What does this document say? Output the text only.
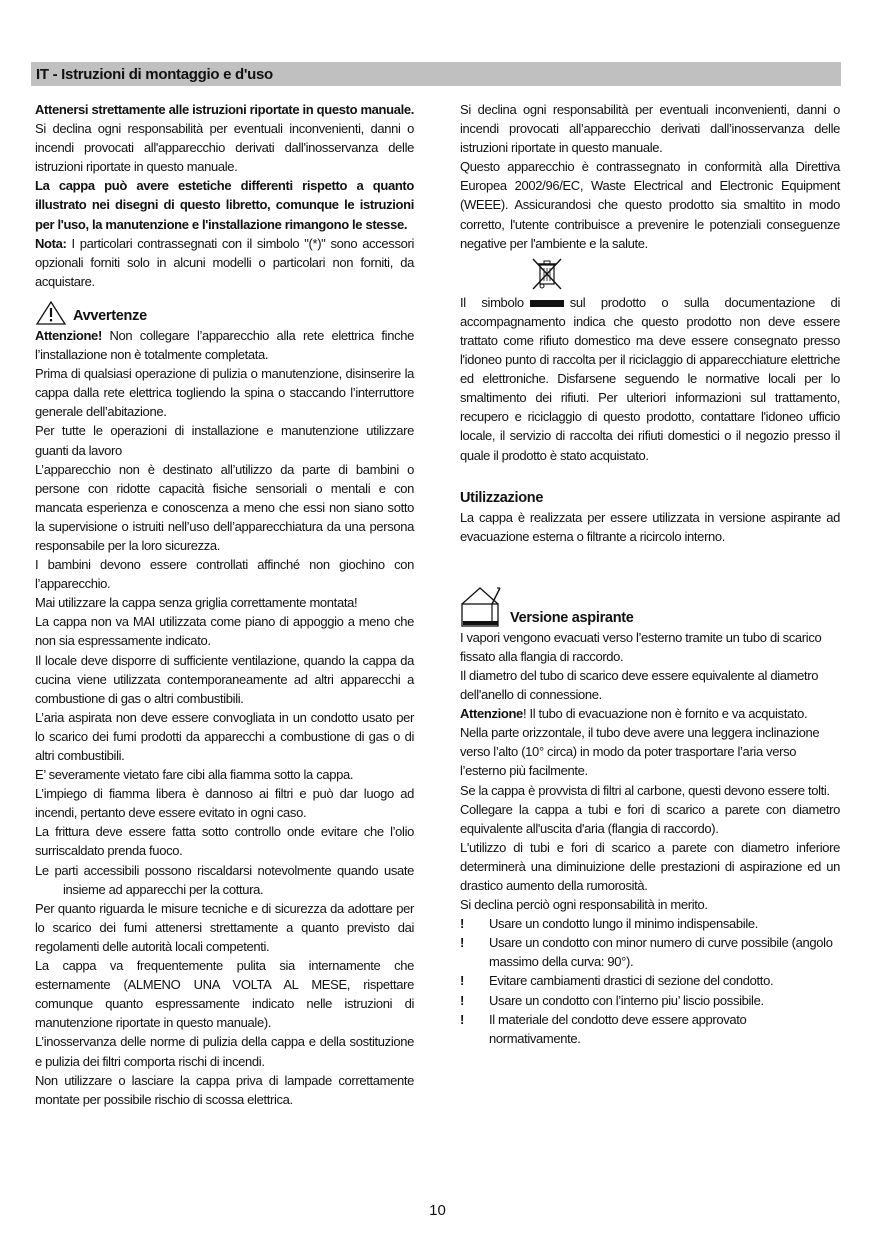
IT - Istruzioni di montaggio e d'uso

Attenersi strettamente alle istruzioni riportate in questo manuale. Si declina ogni responsabilità per eventuali inconvenienti, danni o incendi provocati all'apparecchio derivati dall'inosservanza delle istruzioni riportate in questo manuale.

La cappa può avere estetiche differenti rispetto a quanto illustrato nei disegni di questo libretto, comunque le istruzioni per l'uso, la manutenzione e l'installazione rimangono le stesse.

Nota: I particolari contrassegnati con il simbolo "(*)" sono accessori opzionali forniti solo in alcuni modelli o particolari non forniti, da acquistare.

Avvertenze

Attenzione! Non collegare l’apparecchio alla rete elettrica finche l’installazione non è totalmente completata.

Prima di qualsiasi operazione di pulizia o manutenzione, disinserire la cappa dalla rete elettrica togliendo la spina o staccando l’interruttore generale dell’abitazione.

Per tutte le operazioni di installazione e manutenzione utilizzare guanti da lavoro

L’apparecchio non è destinato all’utilizzo da parte di bambini o persone con ridotte capacità fisiche sensoriali o mentali e con mancata esperienza e conoscenza a meno che essi non siano sotto la supervisione o istruiti nell’uso dell’apparecchiatura da una persona responsabile per la loro sicurezza.

I bambini devono essere controllati affinché non giochino con l’apparecchio.

Mai utilizzare la cappa senza griglia correttamente montata!

La cappa non va MAI utilizzata come piano di appoggio a meno che non sia espressamente indicato.

Il locale deve disporre di sufficiente ventilazione, quando la cappa da cucina viene utilizzata contemporaneamente ad altri apparecchi a combustione di gas o altri combustibili.

L’aria aspirata non deve essere convogliata in un condotto usato per lo scarico dei fumi prodotti da apparecchi a combustione di gas o di altri combustibili.

E’ severamente vietato fare cibi alla fiamma sotto la cappa.

L’impiego di fiamma libera è dannoso ai filtri e può dar luogo ad incendi, pertanto deve essere evitato in ogni caso.

La frittura deve essere fatta sotto controllo onde evitare che l’olio surriscaldato prenda fuoco.

Le parti accessibili possono riscaldarsi notevolmente quando usate insieme ad apparecchi per la cottura.

Per quanto riguarda le misure tecniche e di sicurezza da adottare per lo scarico dei fumi attenersi strettamente a quanto previsto dai regolamenti delle autorità locali competenti.

La cappa va frequentemente pulita sia internamente che esternamente (ALMENO UNA VOLTA AL MESE, rispettare comunque quanto espressamente indicato nelle istruzioni di manutenzione riportate in questo manuale).

L’inosservanza delle norme di pulizia della cappa e della sostituzione e pulizia dei filtri comporta rischi di incendi.

Non utilizzare o lasciare la cappa priva di lampade correttamente montate per possibile rischio di scossa elettrica.

Si declina ogni responsabilità per eventuali inconvenienti, danni o incendi provocati all’apparecchio derivati dall’inosservanza delle istruzioni riportate in questo manuale.

Questo apparecchio è contrassegnato in conformità alla Direttiva Europea 2002/96/EC, Waste Electrical and Electronic Equipment (WEEE). Assicurandosi che questo prodotto sia smaltito in modo corretto, l'utente contribuisce a prevenire le potenziali conseguenze negative per l'ambiente e la salute.

Il simbolo	sul prodotto o sulla documentazione di accompagnamento indica che questo prodotto non deve essere trattato come rifiuto domestico ma deve essere consegnato presso l'idoneo punto di raccolta per il riciclaggio di apparecchiature elettriche ed elettroniche. Disfarsene seguendo le normative locali per lo smaltimento dei rifiuti. Per ulteriori informazioni sul trattamento, recupero e riciclaggio di questo prodotto, contattare l'idoneo ufficio locale, il servizio di raccolta dei rifiuti domestici o il negozio presso il quale il prodotto è stato acquistato.

Utilizzazione

La cappa è realizzata per essere utilizzata in versione aspirante ad evacuazione esterna o filtrante a ricircolo interno.

Versione aspirante

I vapori vengono evacuati verso l’esterno tramite un tubo di scarico fissato alla flangia di raccordo.

Il diametro del tubo di scarico deve essere equivalente al diametro dell'anello di connessione.

Attenzione! Il tubo di evacuazione non è fornito e va acquistato.

Nella parte orizzontale, il tubo deve avere una leggera inclinazione verso l’alto (10° circa) in modo da poter trasportare l’aria verso l’esterno più facilmente.

Se la cappa è provvista di filtri al carbone, questi devono essere tolti.

Collegare la cappa a tubi e fori di scarico a parete con diametro equivalente all'uscita d'aria (flangia di raccordo).

L'utilizzo di tubi e fori di scarico a parete con diametro inferiore determinerà una diminuizione delle prestazioni di aspirazione ed un drastico aumento della rumorosità.

Si declina perciò ogni responsabilità in merito.

!	Usare un condotto lungo il minimo indispensabile.
!	Usare un condotto con minor numero di curve possibile (angolo massimo della curva: 90°).
!	Evitare cambiamenti drastici di sezione del condotto.
!	Usare un condotto con l’interno piu’ liscio possibile.
!	Il materiale del condotto deve essere approvato normativamente.
10
